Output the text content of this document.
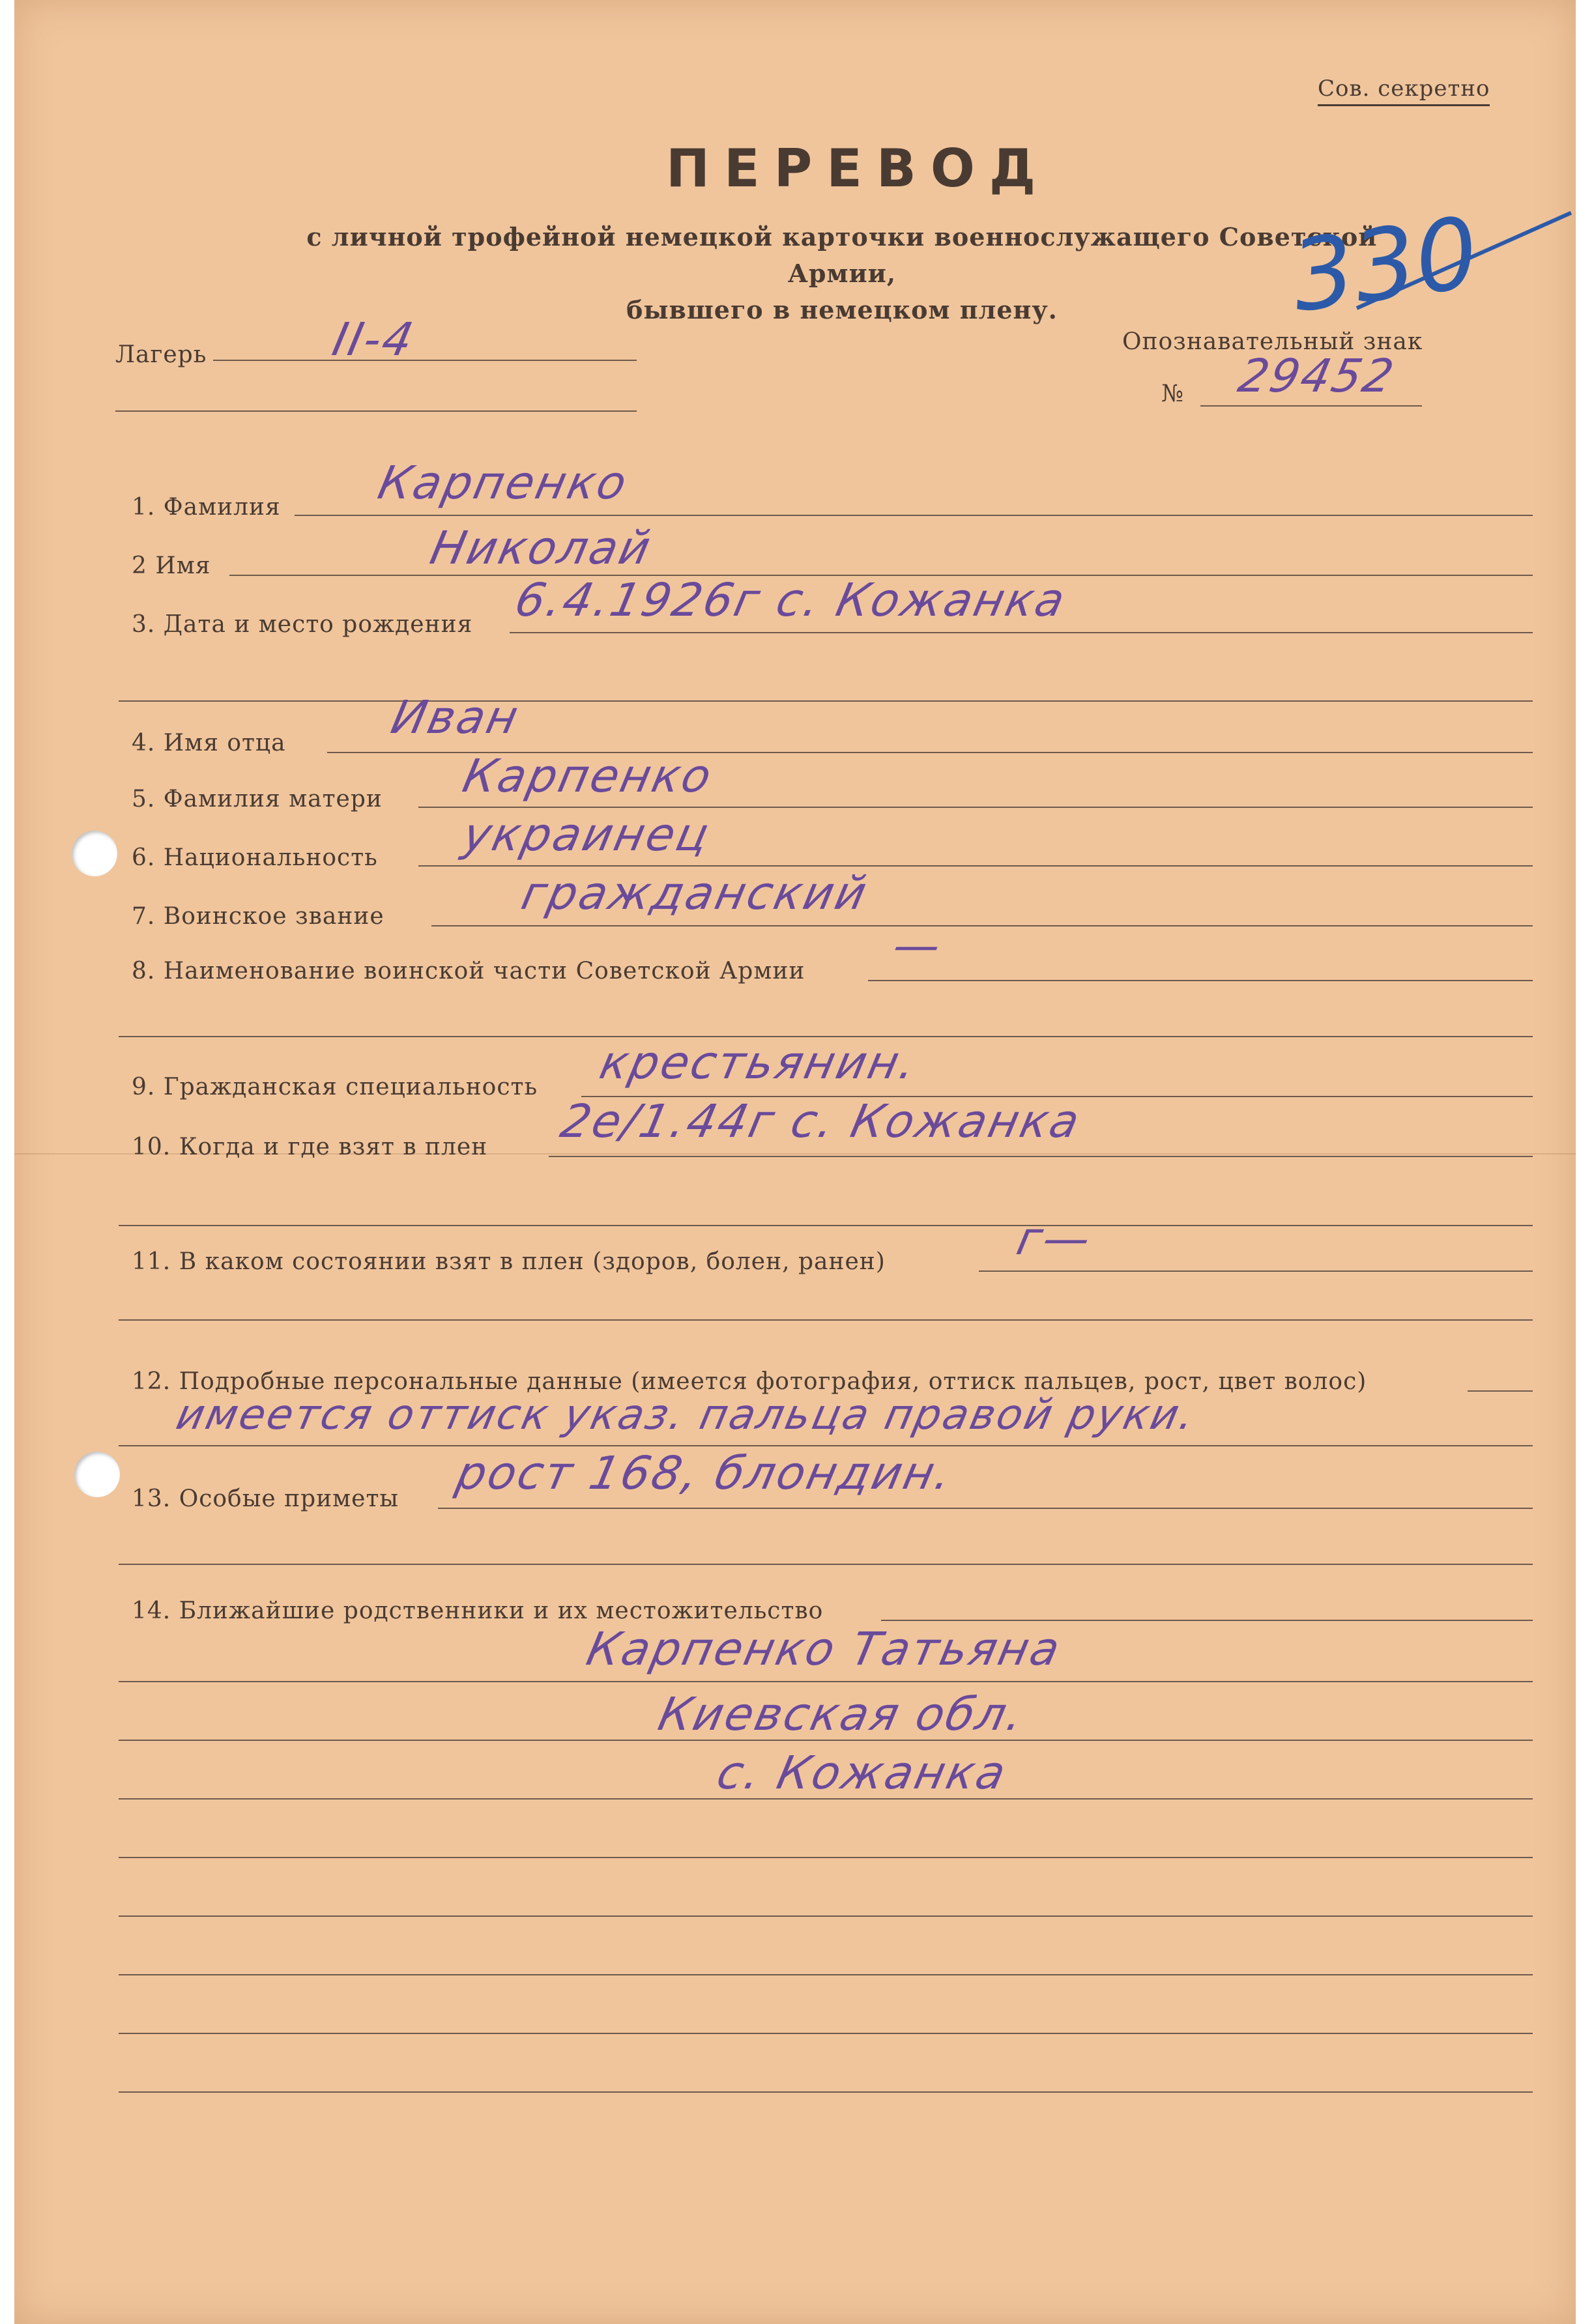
Сов. секретно
ПЕРЕВОД
с личной трофейной немецкой карточки военнослужащего Советской Армии,
бывшего в немецком плену.	330
Лагерь	II-4	Опознавательный знак
№ 29452
1. Фамилия Карпенко
2 Имя	Николай
3. Дата и место рождения 6.4.1926г с. Кожанка
4. Имя отца Иван
5. Фамилия матери Карпенко
6. Национальность украинец
7. Воинское звание	гражданский
8. Наименование воинской части Советской Армии —
9. Гражданская специальность крестьянин.
10. Когда и где взят в плен 2е/1.44г с. Кожанка
11. В каком состоянии взят в плен (здоров, болен, ранен)	г—
12. Подробные персональные данные (имеется фотография, оттиск пальцев, рост, цвет волос)
имеется оттиск указ. пальца правой руки.
13. Особые приметы рост 168, блондин.
14. Ближайшие родственники и их местожительство
Карпенко Татьяна
Киевская обл.
с. Кожанка
